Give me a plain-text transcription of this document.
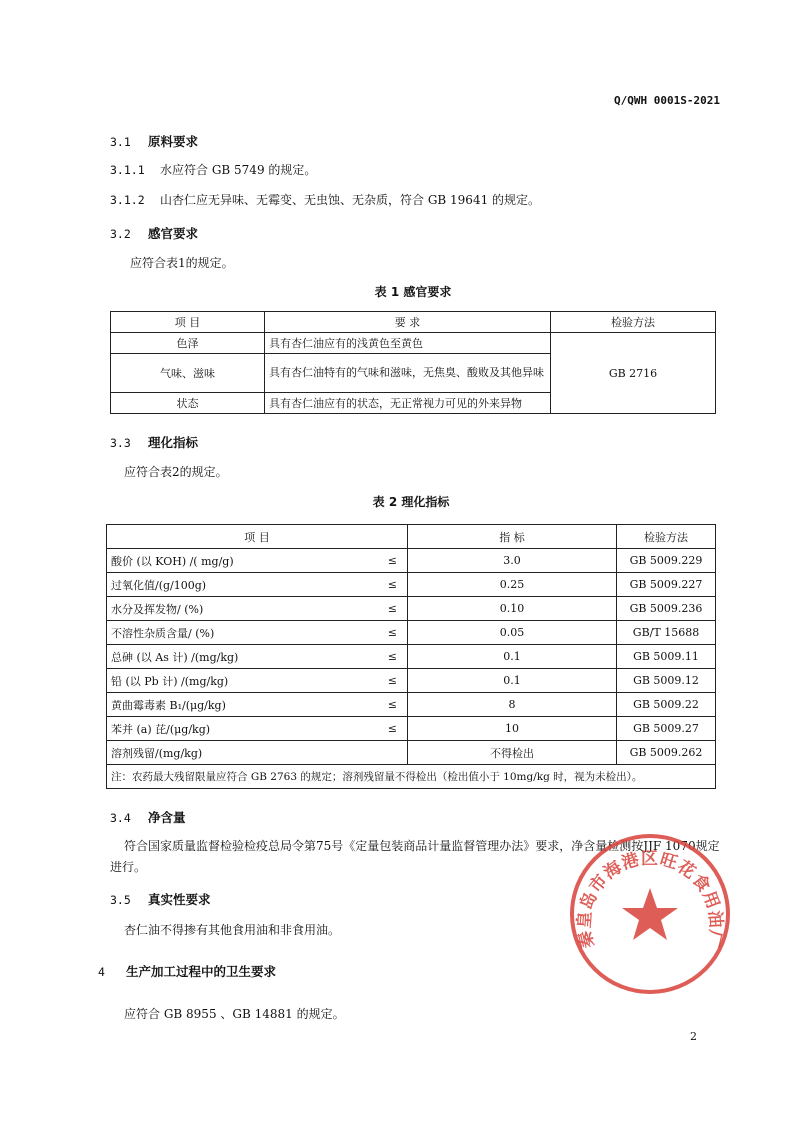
Q/QWH 0001S-2021
3.1 原料要求
3.1.1 水应符合 GB 5749 的规定。
3.1.2 山杏仁应无异味、无霉变、无虫蚀、无杂质，符合 GB 19641 的规定。
3.2 感官要求
应符合表1的规定。
表 1 感官要求
项 目	要 求	检验方法
色泽	具有杏仁油应有的浅黄色至黄色	GB 2716
气味、滋味	具有杏仁油特有的气味和滋味，无焦臭、酸败及其他异味	
状态	具有杏仁油应有的状态，无正常视力可见的外来异物	
3.3 理化指标
应符合表2的规定。
表 2 理化指标
项 目		指 标	检验方法
酸价 (以 KOH) /( mg/g)	≤	3.0	GB 5009.229
过氧化值/(g/100g)	≤	0.25	GB 5009.227
水分及挥发物/ (%)	≤	0.10	GB 5009.236
不溶性杂质含量/ (%)	≤	0.05	GB/T 15688
总砷 (以 As 计) /(mg/kg)	≤	0.1	GB 5009.11
铅 (以 Pb 计) /(mg/kg)	≤	0.1	GB 5009.12
黄曲霉毒素 B₁/(μg/kg)	≤	8	GB 5009.22
苯并 (a) 芘/(μg/kg)	≤	10	GB 5009.27
溶剂残留/(mg/kg)		不得检出	GB 5009.262
注：农药最大残留限量应符合 GB 2763 的规定；溶剂残留量不得检出（检出值小于 10mg/kg 时，视为未检出）。			
3.4 净含量
符合国家质量监督检验检疫总局令第75号《定量包装商品计量监督管理办法》要求，净含量检测按JJF 1070规定进行。
3.5 真实性要求
杏仁油不得掺有其他食用油和非食用油。
4 生产加工过程中的卫生要求
应符合 GB 8955 、GB 14881 的规定。
秦皇岛市海港区旺花食用油厂
2
